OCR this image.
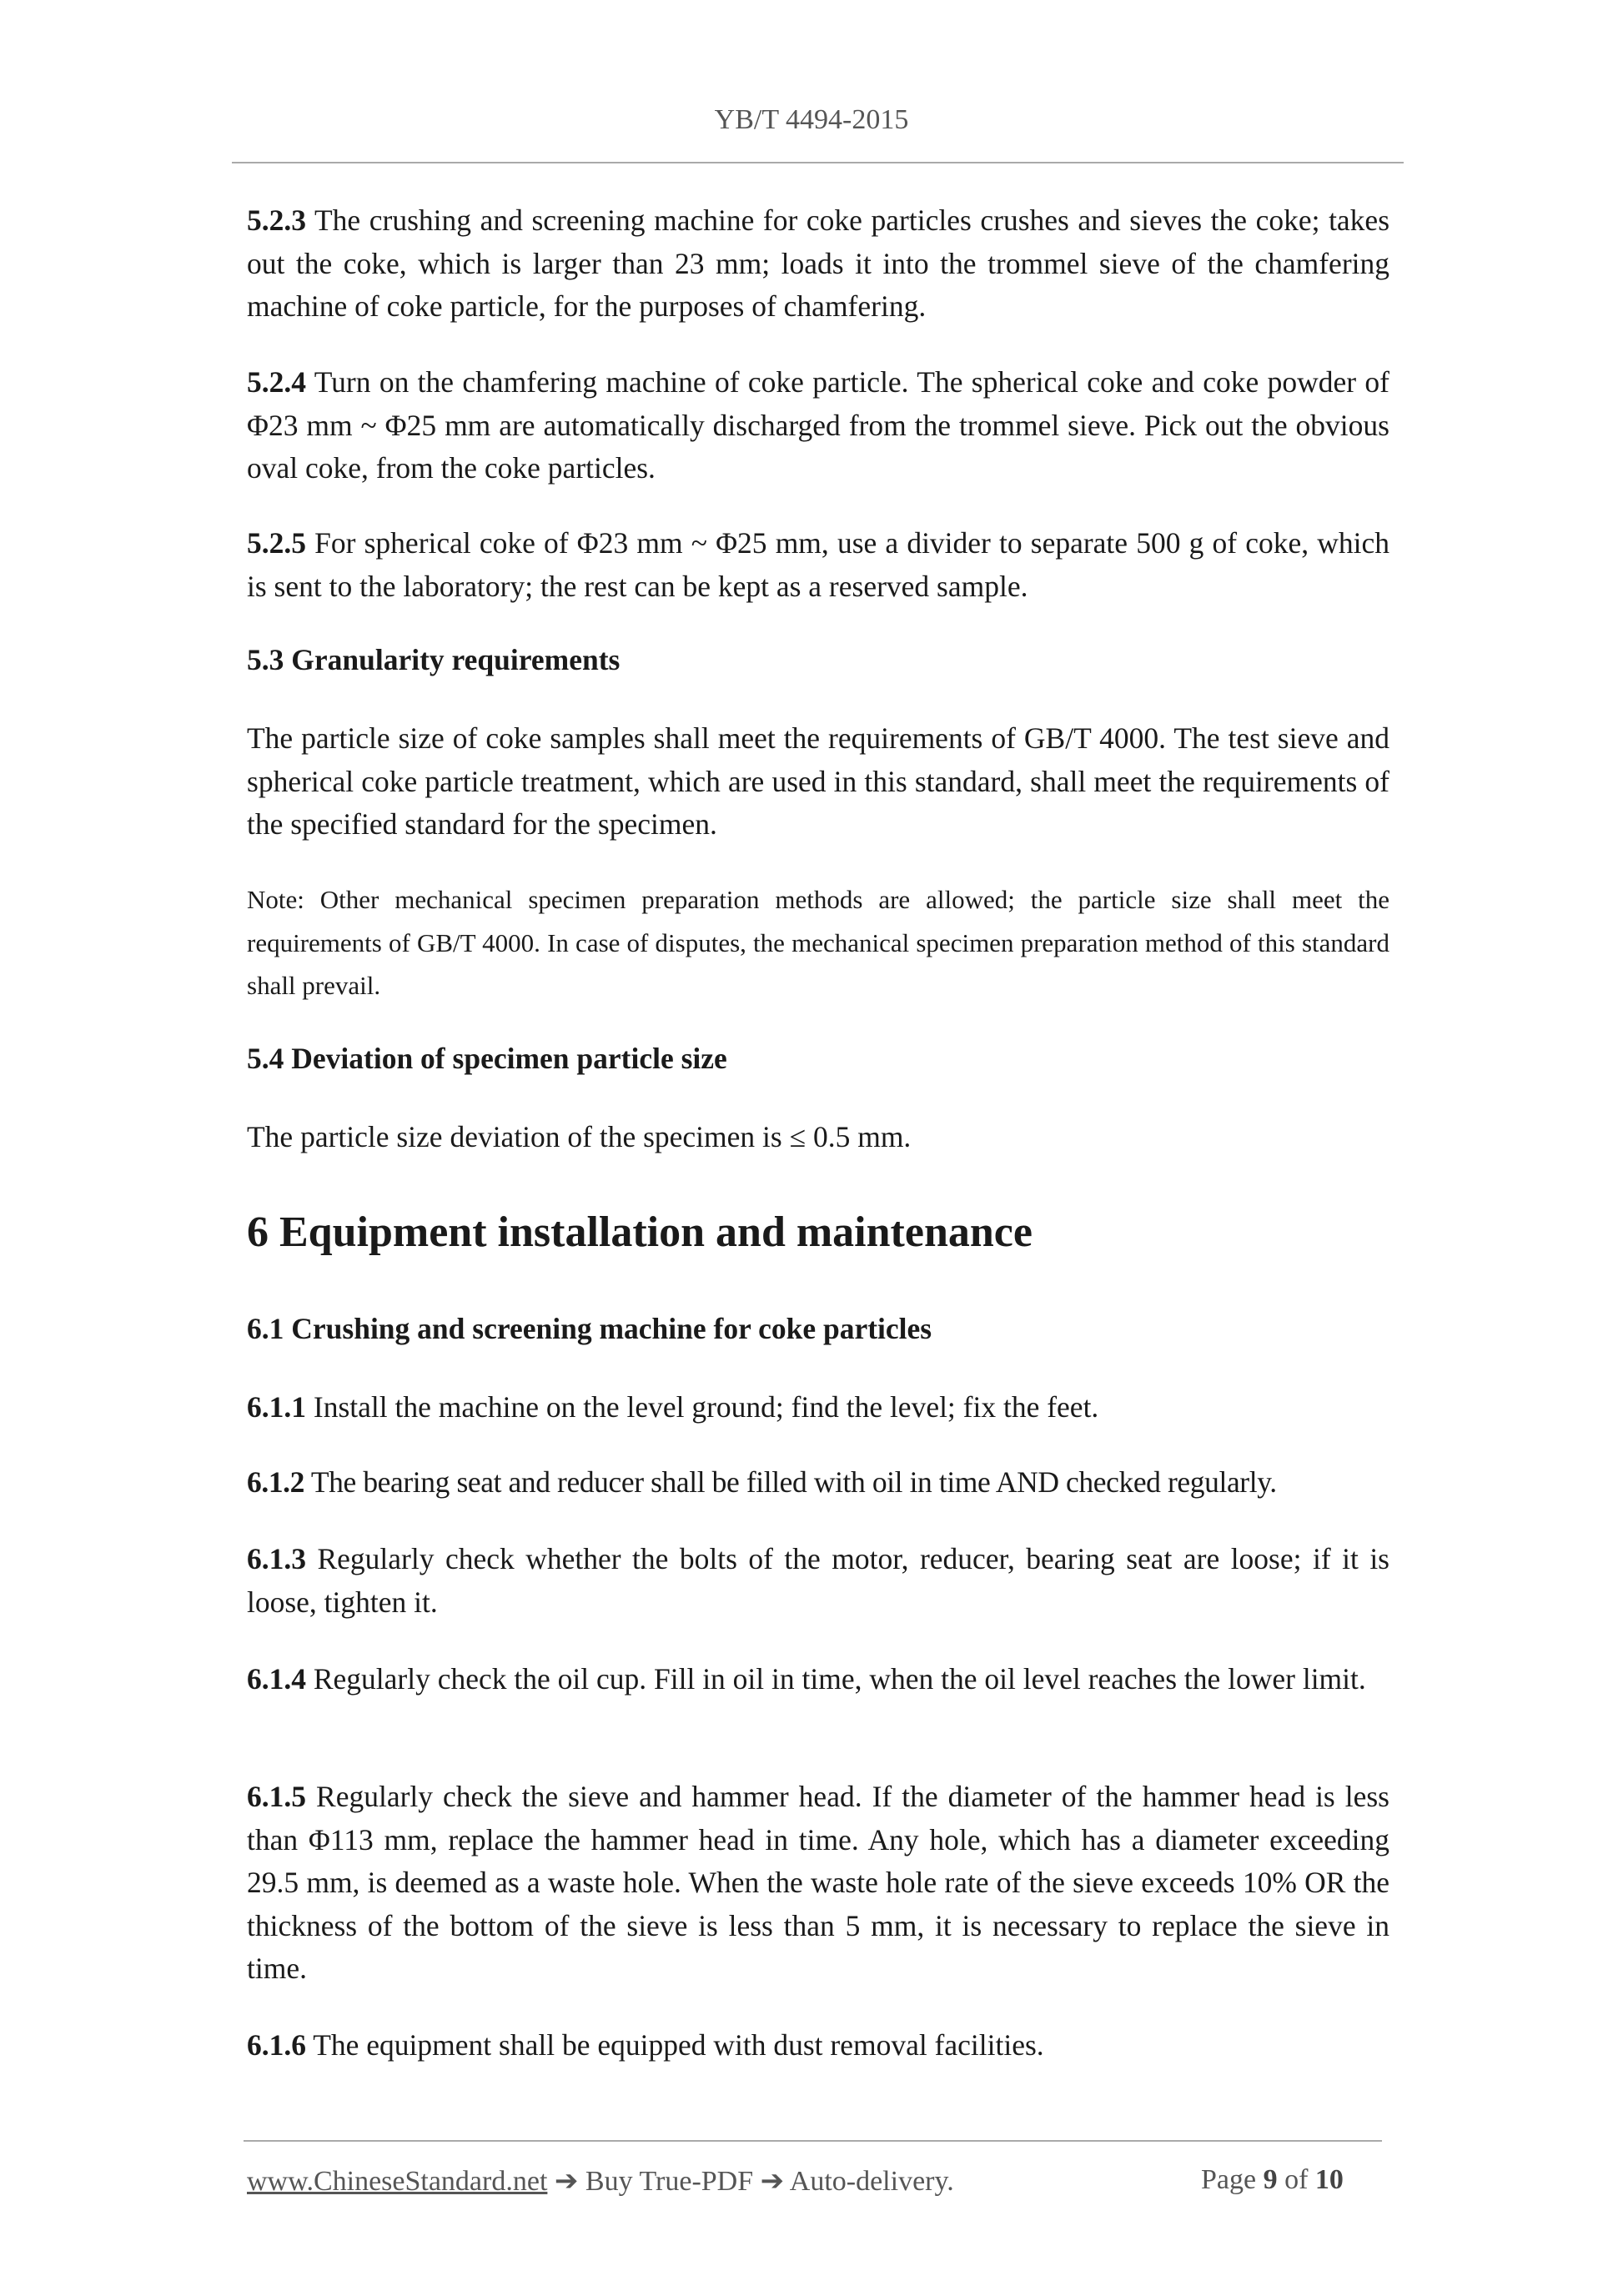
YB/T 4494-2015
5.2.3 The crushing and screening machine for coke particles crushes and sieves the coke; takes out the coke, which is larger than 23 mm; loads it into the trommel sieve of the chamfering machine of coke particle, for the purposes of chamfering.
5.2.4 Turn on the chamfering machine of coke particle. The spherical coke and coke powder of Φ23 mm ~ Φ25 mm are automatically discharged from the trommel sieve. Pick out the obvious oval coke, from the coke particles.
5.2.5 For spherical coke of Φ23 mm ~ Φ25 mm, use a divider to separate 500 g of coke, which is sent to the laboratory; the rest can be kept as a reserved sample.
5.3 Granularity requirements
The particle size of coke samples shall meet the requirements of GB/T 4000. The test sieve and spherical coke particle treatment, which are used in this standard, shall meet the requirements of the specified standard for the specimen.
Note: Other mechanical specimen preparation methods are allowed; the particle size shall meet the requirements of GB/T 4000. In case of disputes, the mechanical specimen preparation method of this standard shall prevail.
5.4 Deviation of specimen particle size
The particle size deviation of the specimen is ≤ 0.5 mm.
6 Equipment installation and maintenance
6.1 Crushing and screening machine for coke particles
6.1.1 Install the machine on the level ground; find the level; fix the feet.
6.1.2 The bearing seat and reducer shall be filled with oil in time AND checked regularly.
6.1.3 Regularly check whether the bolts of the motor, reducer, bearing seat are loose; if it is loose, tighten it.
6.1.4 Regularly check the oil cup. Fill in oil in time, when the oil level reaches the lower limit.
6.1.5 Regularly check the sieve and hammer head. If the diameter of the hammer head is less than Φ113 mm, replace the hammer head in time. Any hole, which has a diameter exceeding 29.5 mm, is deemed as a waste hole. When the waste hole rate of the sieve exceeds 10% OR the thickness of the bottom of the sieve is less than 5 mm, it is necessary to replace the sieve in time.
6.1.6 The equipment shall be equipped with dust removal facilities.
www.ChineseStandard.net ➔ Buy True-PDF ➔ Auto-delivery.	Page 9 of 10
